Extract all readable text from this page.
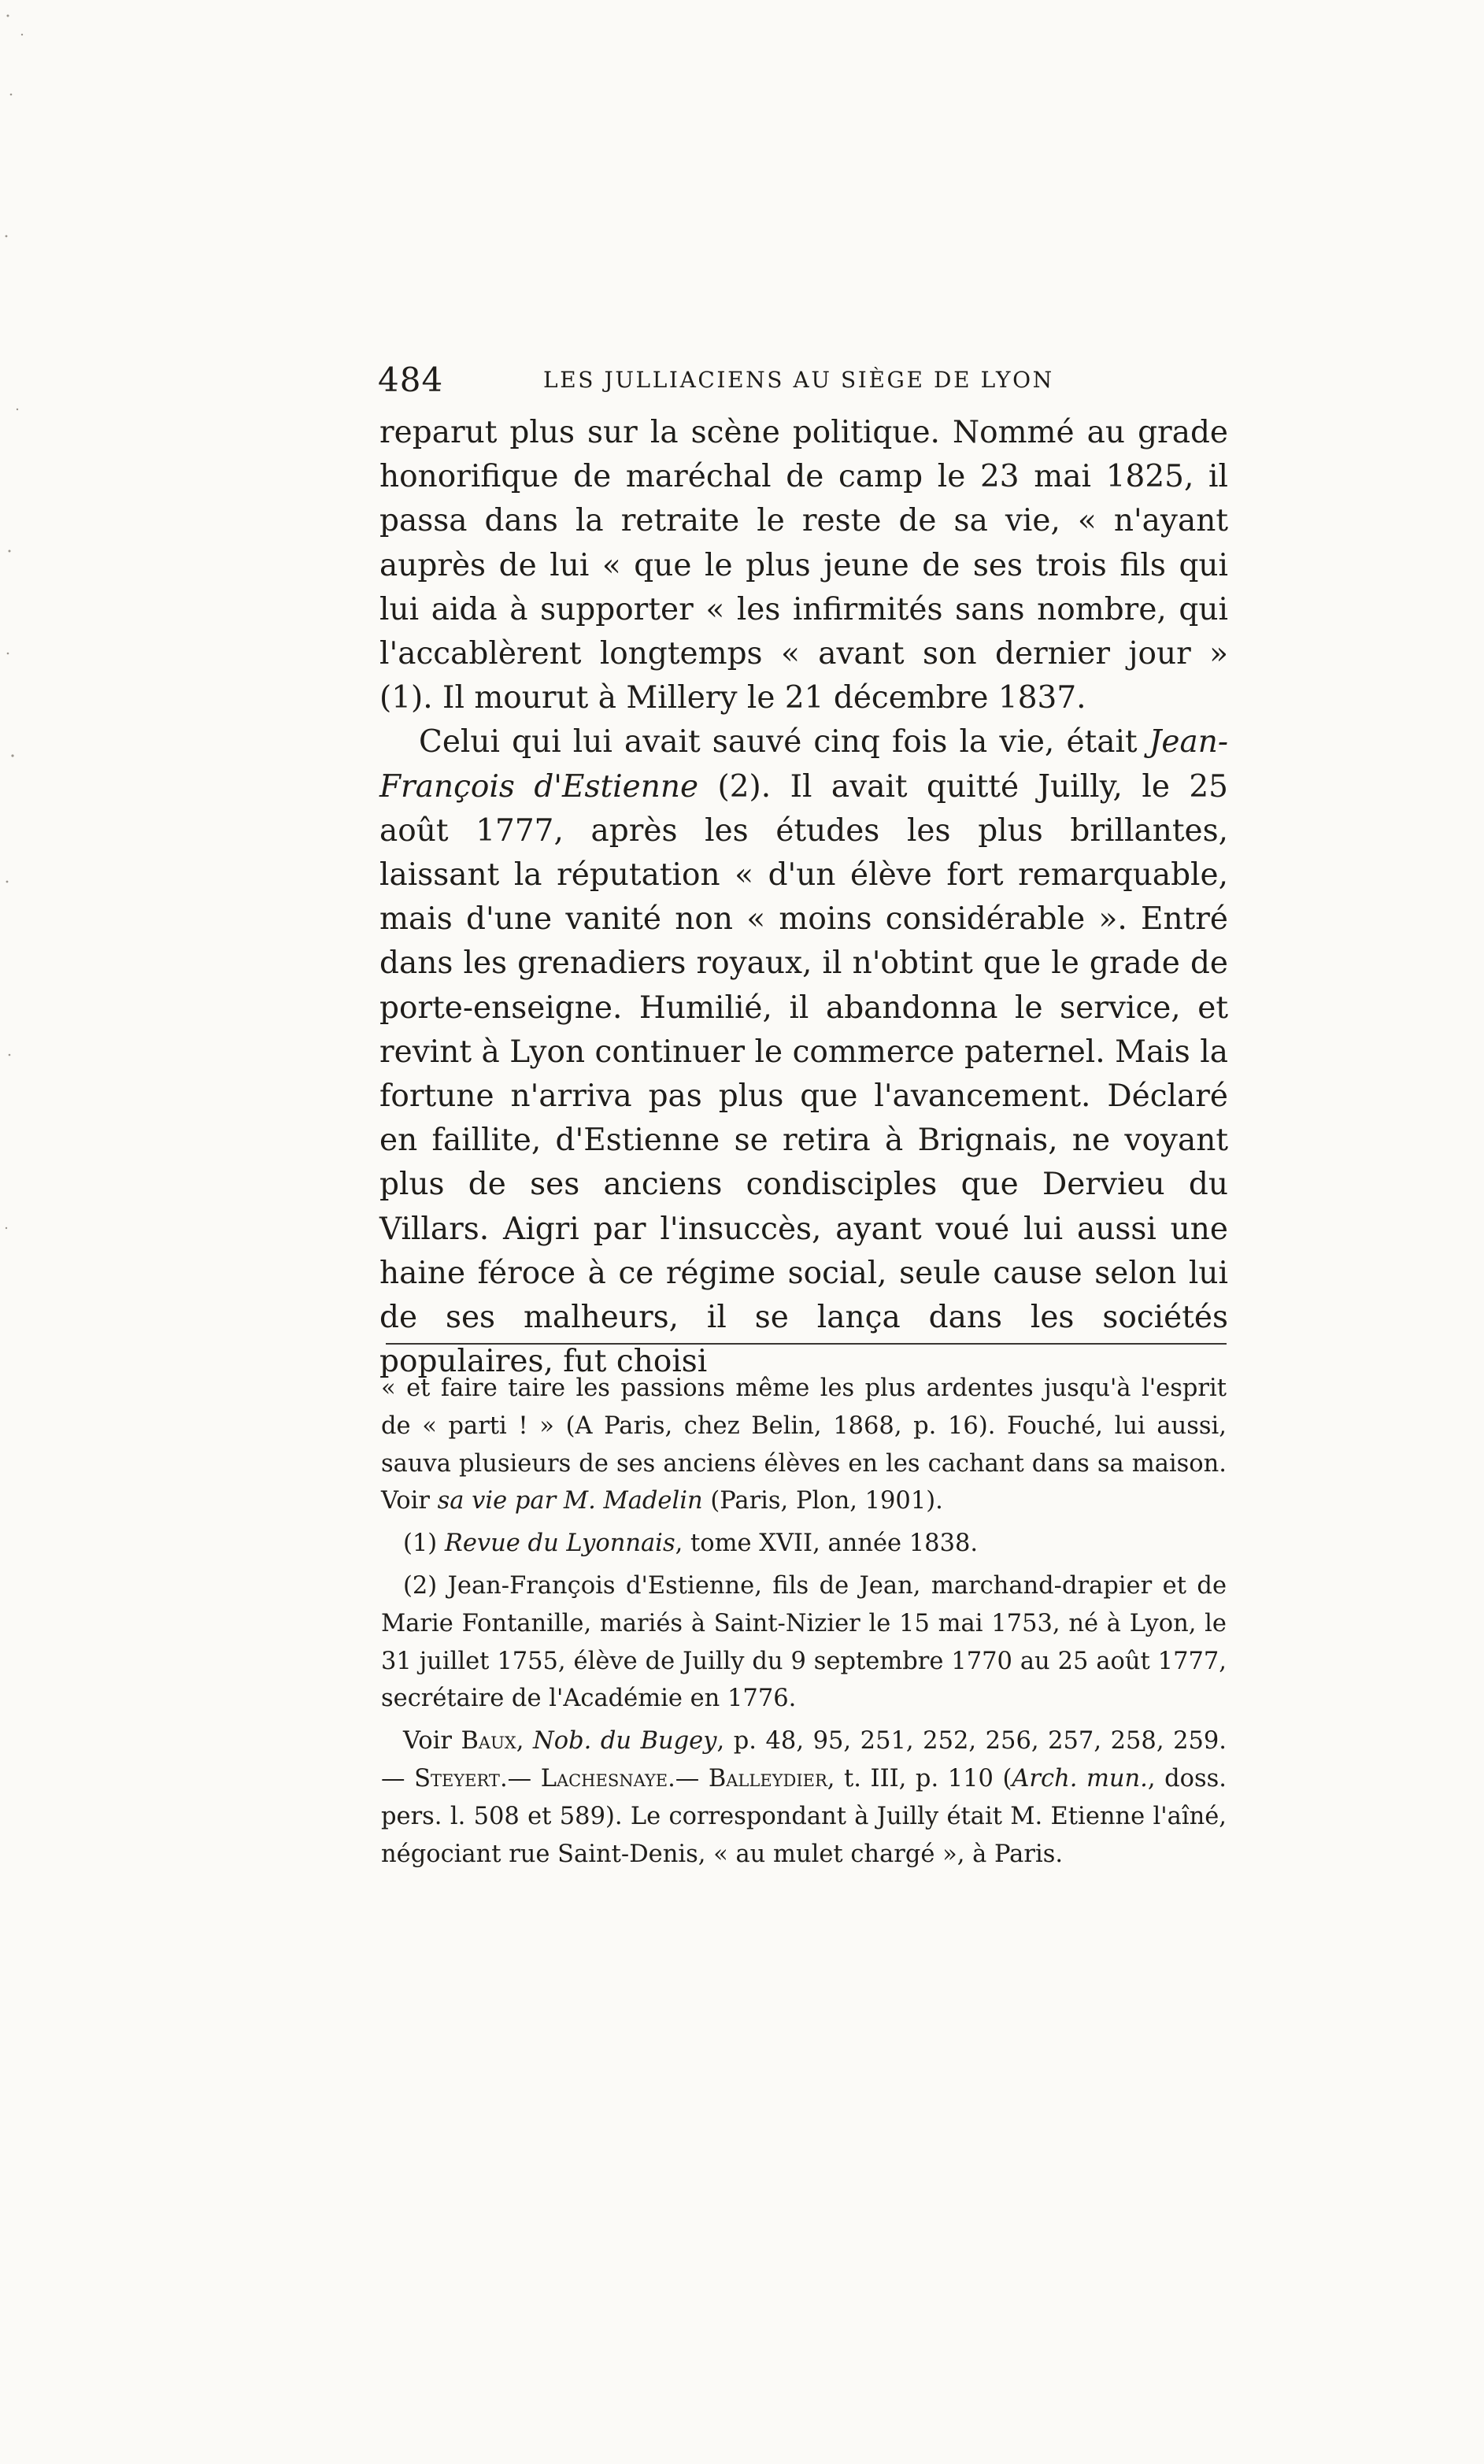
484	LES JULLIACIENS AU SIÈGE DE LYON

reparut plus sur la scène politique. Nommé au grade honorifique de maréchal de camp le 23 mai 1825, il passa dans la retraite le reste de sa vie, « n'ayant auprès de lui « que le plus jeune de ses trois fils qui lui aida à supporter « les infirmités sans nombre, qui l'accablèrent longtemps « avant son dernier jour » (1). Il mourut à Millery le 21 décembre 1837.

Celui qui lui avait sauvé cinq fois la vie, était Jean-François d'Estienne (2). Il avait quitté Juilly, le 25 août 1777, après les études les plus brillantes, laissant la réputation « d'un élève fort remarquable, mais d'une vanité non « moins considérable ». Entré dans les grenadiers royaux, il n'obtint que le grade de porte-enseigne. Humilié, il abandonna le service, et revint à Lyon continuer le commerce paternel. Mais la fortune n'arriva pas plus que l'avancement. Déclaré en faillite, d'Estienne se retira à Brignais, ne voyant plus de ses anciens condisciples que Dervieu du Villars. Aigri par l'insuccès, ayant voué lui aussi une haine féroce à ce régime social, seule cause selon lui de ses malheurs, il se lança dans les sociétés populaires, fut choisi

« et faire taire les passions même les plus ardentes jusqu'à l'esprit de « parti ! » (A Paris, chez Belin, 1868, p. 16). Fouché, lui aussi, sauva plusieurs de ses anciens élèves en les cachant dans sa maison. Voir sa vie par M. Madelin (Paris, Plon, 1901).

(1) Revue du Lyonnais, tome XVII, année 1838.

(2) Jean-François d'Estienne, fils de Jean, marchand-drapier et de Marie Fontanille, mariés à Saint-Nizier le 15 mai 1753, né à Lyon, le 31 juillet 1755, élève de Juilly du 9 septembre 1770 au 25 août 1777, secrétaire de l'Académie en 1776.

Voir Baux, Nob. du Bugey, p. 48, 95, 251, 252, 256, 257, 258, 259. — Steyert.— Lachesnaye.— Balleydier, t. III, p. 110 (Arch. mun., doss. pers. l. 508 et 589). Le correspondant à Juilly était M. Etienne l'aîné, négociant rue Saint-Denis, « au mulet chargé », à Paris.
